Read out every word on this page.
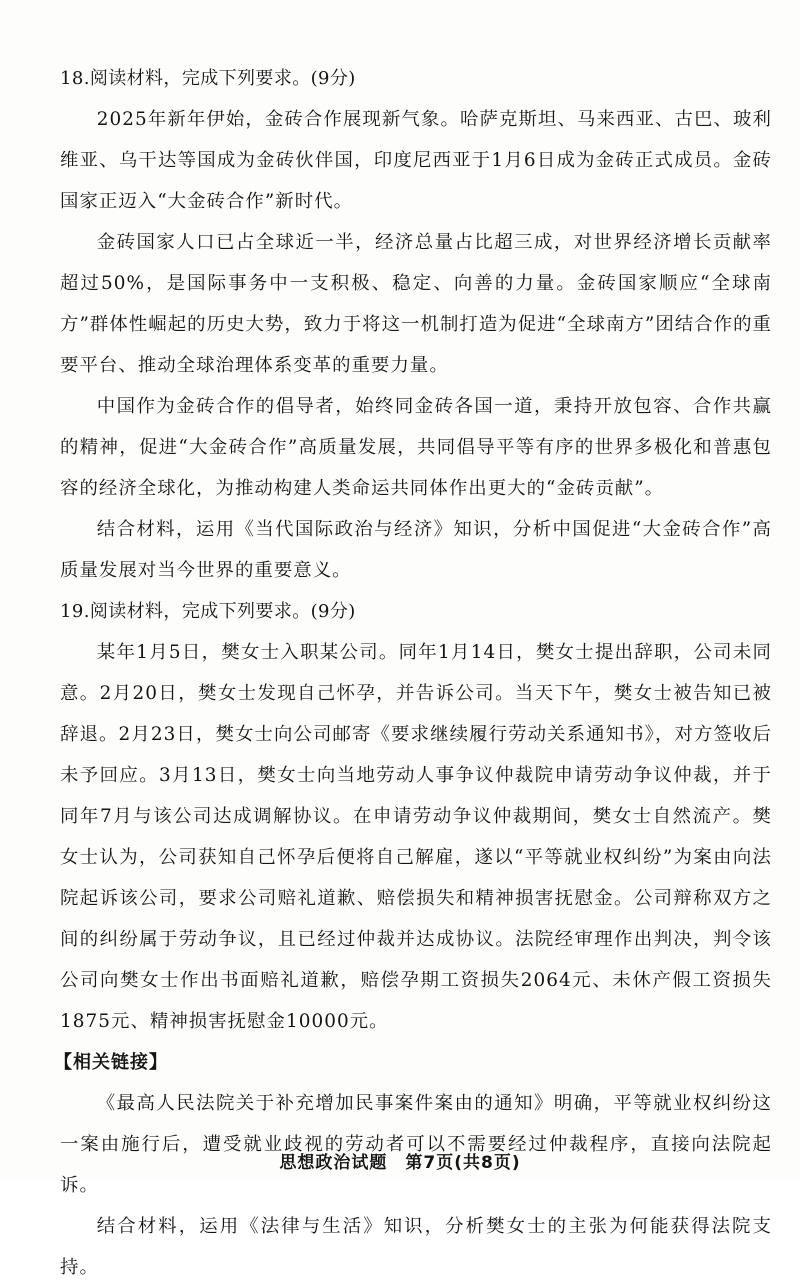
18.阅读材料，完成下列要求。(9分)

2025年新年伊始，金砖合作展现新气象。哈萨克斯坦、马来西亚、古巴、玻利维亚、乌干达等国成为金砖伙伴国，印度尼西亚于1月6日成为金砖正式成员。金砖国家正迈入“大金砖合作”新时代。

金砖国家人口已占全球近一半，经济总量占比超三成，对世界经济增长贡献率超过50%，是国际事务中一支积极、稳定、向善的力量。金砖国家顺应“全球南方”群体性崛起的历史大势，致力于将这一机制打造为促进“全球南方”团结合作的重要平台、推动全球治理体系变革的重要力量。

中国作为金砖合作的倡导者，始终同金砖各国一道，秉持开放包容、合作共赢的精神，促进“大金砖合作”高质量发展，共同倡导平等有序的世界多极化和普惠包容的经济全球化，为推动构建人类命运共同体作出更大的“金砖贡献”。

结合材料，运用《当代国际政治与经济》知识，分析中国促进“大金砖合作”高质量发展对当今世界的重要意义。

19.阅读材料，完成下列要求。(9分)

某年1月5日，樊女士入职某公司。同年1月14日，樊女士提出辞职，公司未同意。2月20日，樊女士发现自己怀孕，并告诉公司。当天下午，樊女士被告知已被辞退。2月23日，樊女士向公司邮寄《要求继续履行劳动关系通知书》，对方签收后未予回应。3月13日，樊女士向当地劳动人事争议仲裁院申请劳动争议仲裁，并于同年7月与该公司达成调解协议。在申请劳动争议仲裁期间，樊女士自然流产。樊女士认为，公司获知自己怀孕后便将自己解雇，遂以“平等就业权纠纷”为案由向法院起诉该公司，要求公司赔礼道歉、赔偿损失和精神损害抚慰金。公司辩称双方之间的纠纷属于劳动争议，且已经过仲裁并达成协议。法院经审理作出判决，判令该公司向樊女士作出书面赔礼道歉，赔偿孕期工资损失2064元、未休产假工资损失1875元、精神损害抚慰金10000元。

【相关链接】

《最高人民法院关于补充增加民事案件案由的通知》明确，平等就业权纠纷这一案由施行后，遭受就业歧视的劳动者可以不需要经过仲裁程序，直接向法院起诉。

结合材料，运用《法律与生活》知识，分析樊女士的主张为何能获得法院支持。

思想政治试题　第7页(共8页)
